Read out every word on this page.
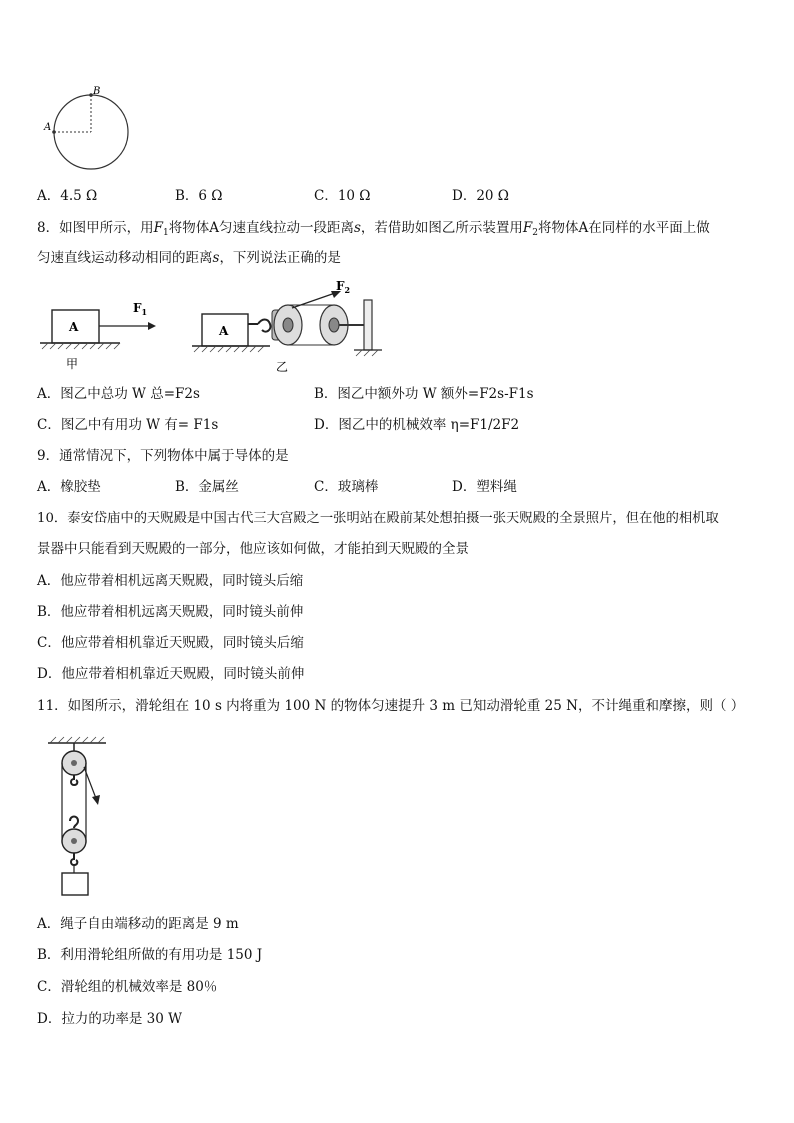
A
B
A．4.5 Ω	B．6 Ω	C．10 Ω	D．20 Ω
8．如图甲所示，用$F_1$将物体A匀速直线拉动一段距离s，若借助如图乙所示装置用$F_2$将物体A在同样的水平面上做
匀速直线运动移动相同的距离s，下列说法正确的是
A
$F_1$
甲
A
$F_2$
乙
A．图乙中总功 W 总=F2s	B．图乙中额外功 W 额外=F2s-F1s
C．图乙中有用功 W 有= F1s	D．图乙中的机械效率 η=F1/2F2
9．通常情况下，下列物体中属于导体的是
A．橡胶垫	B．金属丝	C．玻璃棒	D．塑料绳
10．泰安岱庙中的天贶殿是中国古代三大宫殿之一张明站在殿前某处想拍摄一张天贶殿的全景照片，但在他的相机取
景器中只能看到天贶殿的一部分，他应该如何做，才能拍到天贶殿的全景
A．他应带着相机远离天贶殿，同时镜头后缩
B．他应带着相机远离天贶殿，同时镜头前伸
C．他应带着相机靠近天贶殿，同时镜头后缩
D．他应带着相机靠近天贶殿，同时镜头前伸
11．如图所示，滑轮组在 10 s 内将重为 100 N 的物体匀速提升 3 m 已知动滑轮重 25 N，不计绳重和摩擦，则（ ）
A．绳子自由端移动的距离是 9 m
B．利用滑轮组所做的有用功是 150 J
C．滑轮组的机械效率是 80％
D．拉力的功率是 30 W
